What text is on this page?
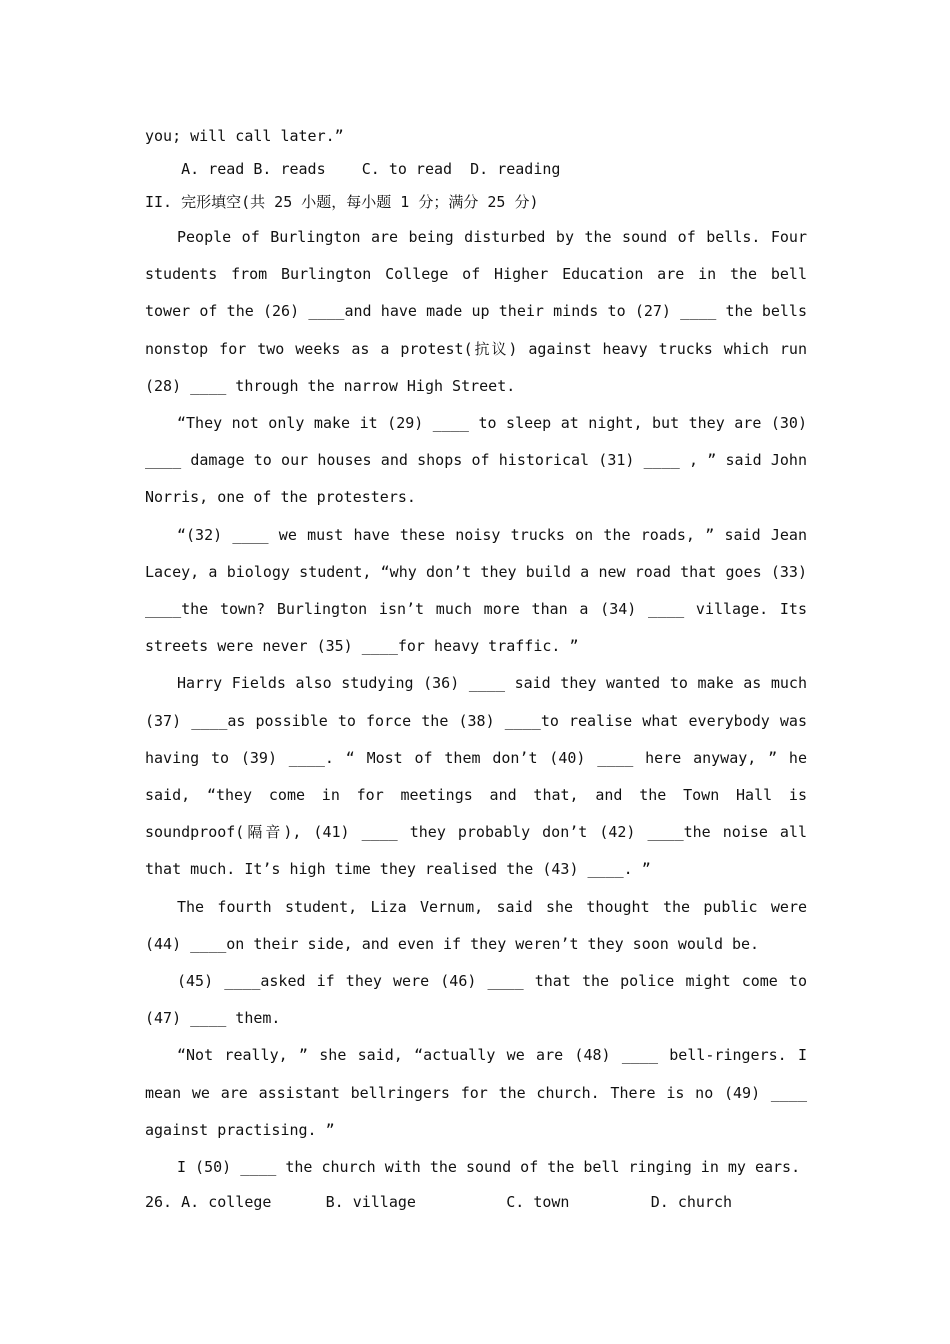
you; will call later.”
A. read B. reads    C. to read  D. reading
II. 完形填空(共 25 小题，每小题 1 分；满分 25 分)

People of Burlington are being disturbed by the sound of bells. Four students from Burlington College of Higher Education are in the bell tower of the (26) ____and have made up their minds to (27) ____ the bells nonstop for two weeks as a protest(抗议) against heavy trucks which run (28) ____ through the narrow High Street.

“They not only make it (29) ____ to sleep at night, but they are (30) ____ damage to our houses and shops of historical (31) ____ , ” said John Norris, one of the protesters.

“(32) ____ we must have these noisy trucks on the roads, ” said Jean Lacey, a biology student, “why don’t they build a new road that goes (33) ____the town? Burlington isn’t much more than a (34) ____ village. Its streets were never (35) ____for heavy traffic. ”

Harry Fields also studying (36) ____ said they wanted to make as much (37) ____as possible to force the (38) ____to realise what everybody was having to (39) ____. “ Most of them don’t (40) ____ here anyway, ” he said, “they come in for meetings and that, and the Town Hall is soundproof(隔音), (41) ____ they probably don’t (42) ____the noise all that much. It’s high time they realised the (43) ____. ”

The fourth student, Liza Vernum, said she thought the public were (44) ____on their side, and even if they weren’t they soon would be.

(45) ____asked if they were (46) ____ that the police might come to (47) ____ them.

“Not really, ” she said, “actually we are (48) ____ bell-ringers. I mean we are assistant bellringers for the church. There is no (49) ____ against practising. ”

I (50) ____ the church with the sound of the bell ringing in my ears.

26. A. college      B. village          C. town         D. church
